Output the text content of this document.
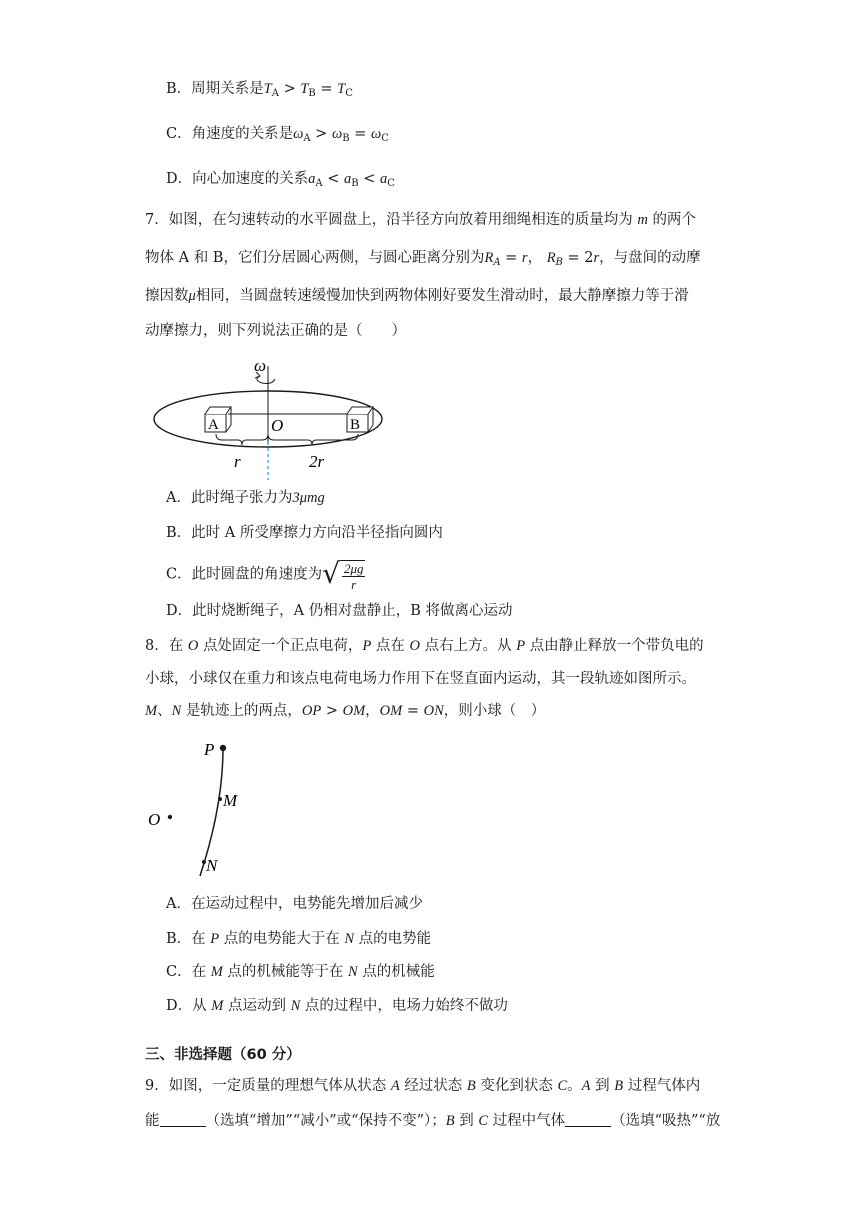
B．周期关系是$T_A > T_B = T_C$
C．角速度的关系是$\omega_A > \omega_B = \omega_C$
D．向心加速度的关系$a_A < a_B < a_C$
7．如图，在匀速转动的水平圆盘上，沿半径方向放着用细绳相连的质量均为 m 的两个
物体 A 和 B，它们分居圆心两侧，与圆心距离分别为$R_A = r$， $R_B = 2r$，与盘间的动摩
擦因数μ相同，当圆盘转速缓慢加快到两物体刚好要发生滑动时，最大静摩擦力等于滑
动摩擦力，则下列说法正确的是（　　）
ω
A	B
O
r	2r
A．此时绳子张力为3μmg
B．此时 A 所受摩擦力方向沿半径指向圆内
C．此时圆盘的角速度为 √ $\frac{2\mu g}{r}$
D．此时烧断绳子，A 仍相对盘静止，B 将做离心运动
8．在 O 点处固定一个正点电荷，P 点在 O 点右上方。从 P 点由静止释放一个带负电的
小球，小球仅在重力和该点电荷电场力作用下在竖直面内运动，其一段轨迹如图所示。
M、N 是轨迹上的两点，OP > OM，OM = ON，则小球（　）
P
M
O
N
A．在运动过程中，电势能先增加后减少
B．在 P 点的电势能大于在 N 点的电势能
C．在 M 点的机械能等于在 N 点的机械能
D．从 M 点运动到 N 点的过程中，电场力始终不做功
三、非选择题（60 分）
9．如图，一定质量的理想气体从状态 A 经过状态 B 变化到状态 C。A 到 B 过程气体内
能	（选填“增加”“减小”或“保持不变”）；B 到 C 过程中气体	（选填“吸热”“放
